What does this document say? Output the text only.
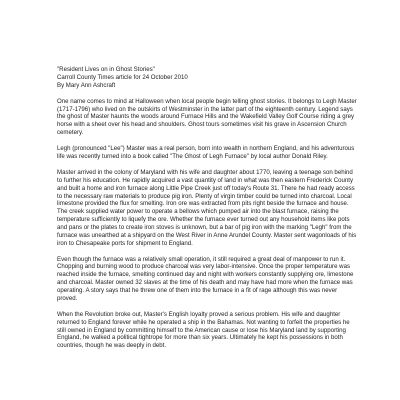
"Resident Lives on in Ghost Stories"
Carroll County Times article for 24 October 2010
By Mary Ann Ashcraft

One name comes to mind at Halloween when local people begin telling ghost stories. It belongs to Legh Master (1717-1796) who lived on the outskirts of Westminster in the latter part of the eighteenth century. Legend says the ghost of Master haunts the woods around Furnace Hills and the Wakefield Valley Golf Course riding a grey horse with a sheet over his head and shoulders. Ghost tours sometimes visit his grave in Ascension Church cemetery.

Legh (pronounced "Lee") Master was a real person, born into wealth in northern England, and his adventurous life was recently turned into a book called "The Ghost of Legh Furnace" by local author Donald Riley.

Master arrived in the colony of Maryland with his wife and daughter about 1770, leaving a teenage son behind to further his education. He rapidly acquired a vast quantity of land in what was then eastern Frederick County and built a home and iron furnace along Little Pipe Creek just off today's Route 31. There he had ready access to the necessary raw materials to produce pig iron. Plenty of virgin timber could be turned into charcoal. Local limestone provided the flux for smelting. Iron ore was extracted from pits right beside the furnace and house. The creek supplied water power to operate a bellows which pumped air into the blast furnace, raising the temperature sufficiently to liquefy the ore. Whether the furnace ever turned out any household items like pots and pans or the plates to create iron stoves is unknown, but a bar of pig iron with the marking "Legh" from the furnace was unearthed at a shipyard on the West River in Anne Arundel County. Master sent wagonloads of his iron to Chesapeake ports for shipment to England.

Even though the furnace was a relatively small operation, it still required a great deal of manpower to run it. Chopping and burning wood to produce charcoal was very labor-intensive. Once the proper temperature was reached inside the furnace, smelting continued day and night with workers constantly supplying ore, limestone and charcoal. Master owned 32 slaves at the time of his death and may have had more when the furnace was operating. A story says that he threw one of them into the furnace in a fit of rage although this was never proved.

When the Revolution broke out, Master's English loyalty proved a serious problem. His wife and daughter returned to England forever while he operated a ship in the Bahamas. Not wanting to forfeit the properties he still owned in England by committing himself to the American cause or lose his Maryland land by supporting England, he walked a political tightrope for more than six years. Ultimately he kept his possessions in both countries, though he was deeply in debt.
